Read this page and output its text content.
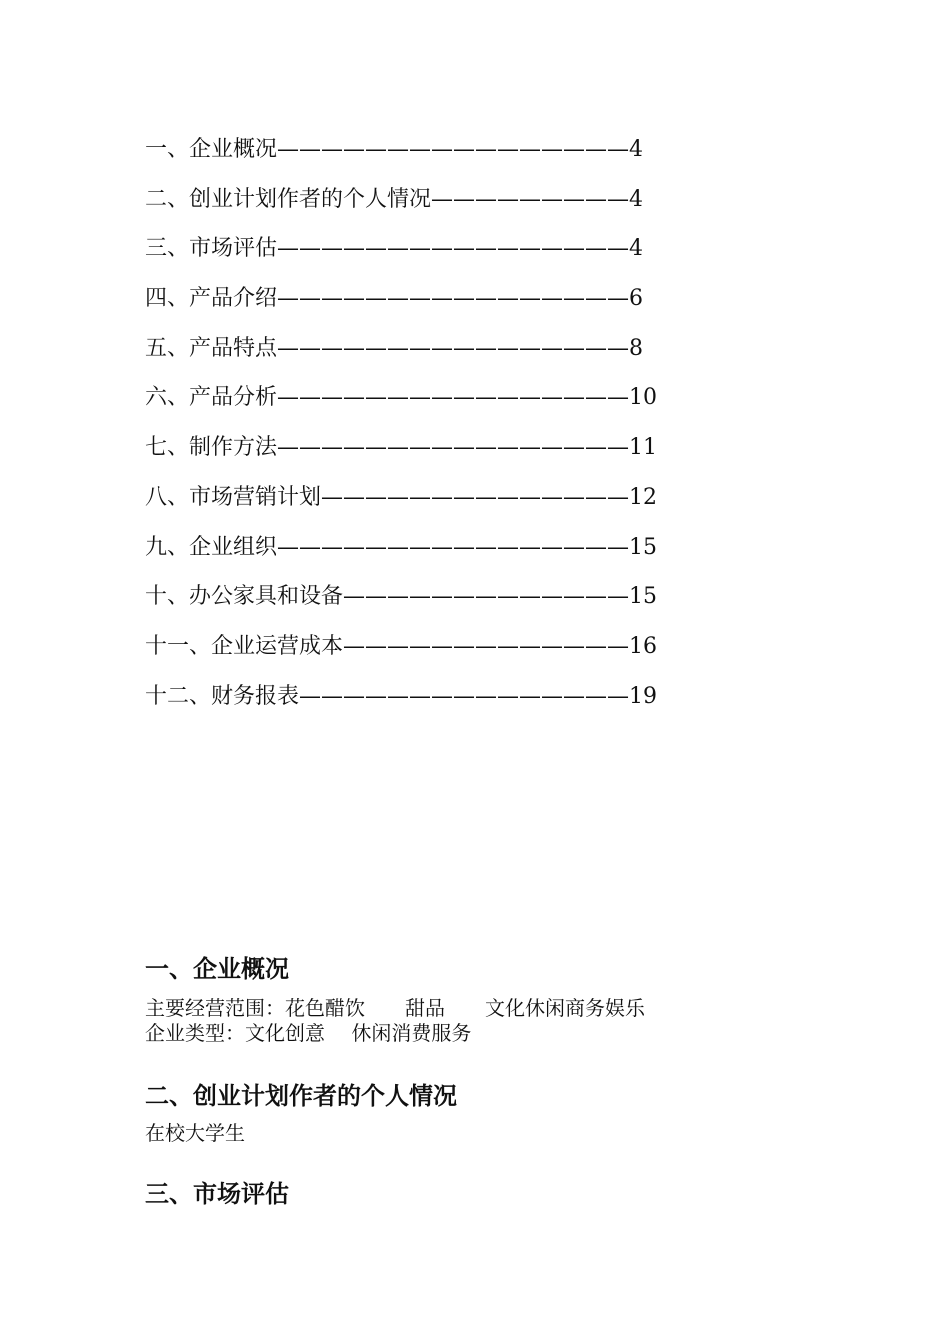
一、企业概况————————————————4
二、创业计划作者的个人情况—————————4
三、市场评估————————————————4
四、产品介绍————————————————6
五、产品特点————————————————8
六、产品分析————————————————10
七、制作方法————————————————11
八、市场营销计划——————————————12
九、企业组织————————————————15
十、办公家具和设备—————————————15
十一、企业运营成本—————————————16
十二、财务报表———————————————19
一、企业概况
主要经营范围：花色醋饮　　甜品　　文化休闲商务娱乐
企业类型：文化创意　 休闲消费服务
二、创业计划作者的个人情况
在校大学生
三、市场评估
